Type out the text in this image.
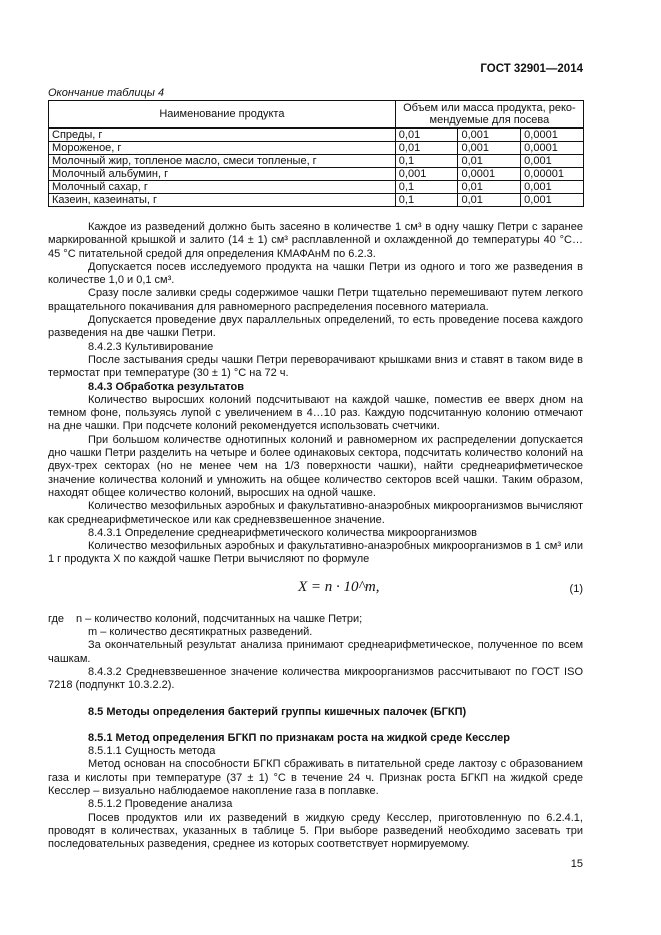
ГОСТ 32901—2014
Окончание таблицы 4
Наименование продукта	Объем или масса продукта, реко-мендуемые для посева		
Спреды, г	0,01	0,001	0,0001
Мороженое, г	0,01	0,001	0,0001
Молочный жир, топленое масло, смеси топленые, г	0,1	0,01	0,001
Молочный альбумин, г	0,001	0,0001	0,00001
Молочный сахар, г	0,1	0,01	0,001
Казеин, казеинаты, г	0,1	0,01	0,001

Каждое из разведений должно быть засеяно в количестве 1 см³ в одну чашку Петри с заранее маркированной крышкой и залито (14 ± 1) см³ расплавленной и охлажденной до температуры 40 °С…45 °С питательной средой для определения КМАФАнМ по 6.2.3.

Допускается посев исследуемого продукта на чашки Петри из одного и того же разведения в количестве 1,0 и 0,1 см³.

Сразу после заливки среды содержимое чашки Петри тщательно перемешивают путем легкого вращательного покачивания для равномерного распределения посевного материала.

Допускается проведение двух параллельных определений, то есть проведение посева каждого разведения на две чашки Петри.

8.4.2.3 Культивирование

После застывания среды чашки Петри переворачивают крышками вниз и ставят в таком виде в термостат при температуре (30 ± 1) °С на 72 ч.

8.4.3 Обработка результатов

Количество выросших колоний подсчитывают на каждой чашке, поместив ее вверх дном на темном фоне, пользуясь лупой с увеличением в 4…10 раз. Каждую подсчитанную колонию отмечают на дне чашки. При подсчете колоний рекомендуется использовать счетчики.

При большом количестве однотипных колоний и равномерном их распределении допускается дно чашки Петри разделить на четыре и более одинаковых сектора, подсчитать количество колоний на двух-трех секторах (но не менее чем на 1/3 поверхности чашки), найти среднеарифметическое значение количества колоний и умножить на общее количество секторов всей чашки. Таким образом, находят общее количество колоний, выросших на одной чашке.

Количество мезофильных аэробных и факультативно-анаэробных микроорганизмов вычисляют как среднеарифметическое или как средневзвешенное значение.

8.4.3.1 Определение среднеарифметического количества микроорганизмов

Количество мезофильных аэробных и факультативно-анаэробных микроорганизмов в 1 см³ или 1 г продукта X по каждой чашке Петри вычисляют по формуле

X = n · 10^m,	(1)

где n – количество колоний, подсчитанных на чашке Петри;

m – количество десятикратных разведений.

За окончательный результат анализа принимают среднеарифметическое, полученное по всем чашкам.

8.4.3.2 Средневзвешенное значение количества микроорганизмов рассчитывают по ГОСТ ISO 7218 (подпункт 10.3.2.2).

8.5 Методы определения бактерий группы кишечных палочек (БГКП)

8.5.1 Метод определения БГКП по признакам роста на жидкой среде Кесслер

8.5.1.1 Сущность метода

Метод основан на способности БГКП сбраживать в питательной среде лактозу с образованием газа и кислоты при температуре (37 ± 1) °С в течение 24 ч. Признак роста БГКП на жидкой среде Кесслер – визуально наблюдаемое накопление газа в поплавке.

8.5.1.2 Проведение анализа

Посев продуктов или их разведений в жидкую среду Кесслер, приготовленную по 6.2.4.1, проводят в количествах, указанных в таблице 5. При выборе разведений необходимо засевать три последовательных разведения, среднее из которых соответствует нормируемому.

15
